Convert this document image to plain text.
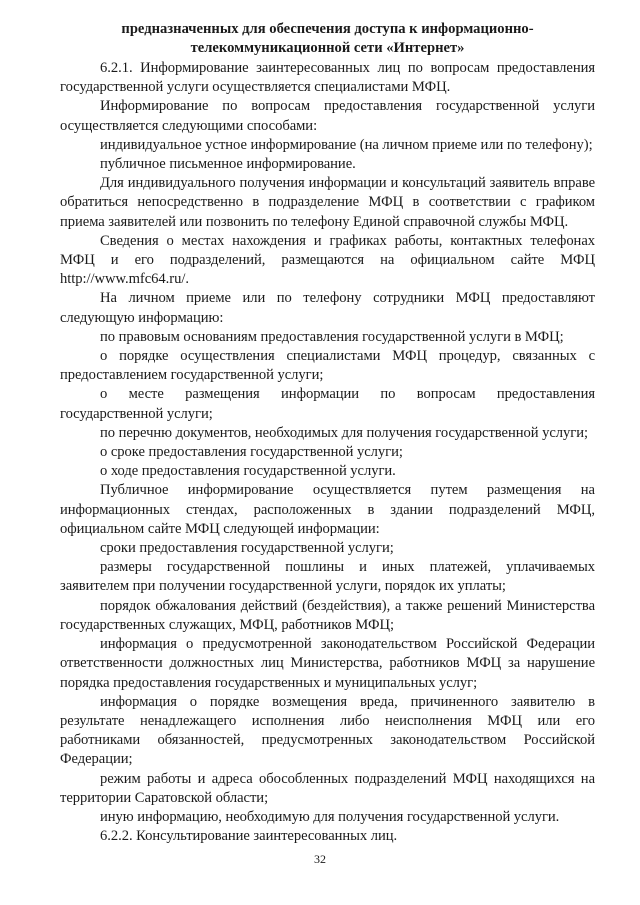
предназначенных для обеспечения доступа к информационно-
телекоммуникационной сети «Интернет»

6.2.1. Информирование заинтересованных лиц по вопросам предоставления государственной услуги осуществляется специалистами МФЦ.

Информирование по вопросам предоставления государственной услуги осуществляется следующими способами:

индивидуальное устное информирование (на личном приеме или по телефону);

публичное письменное информирование.

Для индивидуального получения информации и консультаций заявитель вправе обратиться непосредственно в подразделение МФЦ в соответствии с графиком приема заявителей или позвонить по телефону Единой справочной службы МФЦ.

Сведения о местах нахождения и графиках работы, контактных телефонах МФЦ и его подразделений, размещаются на официальном сайте МФЦ http://www.mfc64.ru/.

На личном приеме или по телефону сотрудники МФЦ предоставляют следующую информацию:

по правовым основаниям предоставления государственной услуги в МФЦ;

о порядке осуществления специалистами МФЦ процедур, связанных с предоставлением государственной услуги;

о месте размещения информации по вопросам предоставления государственной услуги;

по перечню документов, необходимых для получения государственной услуги;

о сроке предоставления государственной услуги;

о ходе предоставления государственной услуги.

Публичное информирование осуществляется путем размещения на информационных стендах, расположенных в здании подразделений МФЦ, официальном сайте МФЦ следующей информации:

сроки предоставления государственной услуги;

размеры государственной пошлины и иных платежей, уплачиваемых заявителем при получении государственной услуги, порядок их уплаты;

порядок обжалования действий (бездействия), а также решений Министерства государственных служащих, МФЦ, работников МФЦ;

информация о предусмотренной законодательством Российской Федерации ответственности должностных лиц Министерства, работников МФЦ за нарушение порядка предоставления государственных и муниципальных услуг;

информация о порядке возмещения вреда, причиненного заявителю в результате ненадлежащего исполнения либо неисполнения МФЦ или его работниками обязанностей, предусмотренных законодательством Российской Федерации;

режим работы и адреса обособленных подразделений МФЦ находящихся на территории Саратовской области;

иную информацию, необходимую для получения государственной услуги.

6.2.2. Консультирование заинтересованных лиц.

32
